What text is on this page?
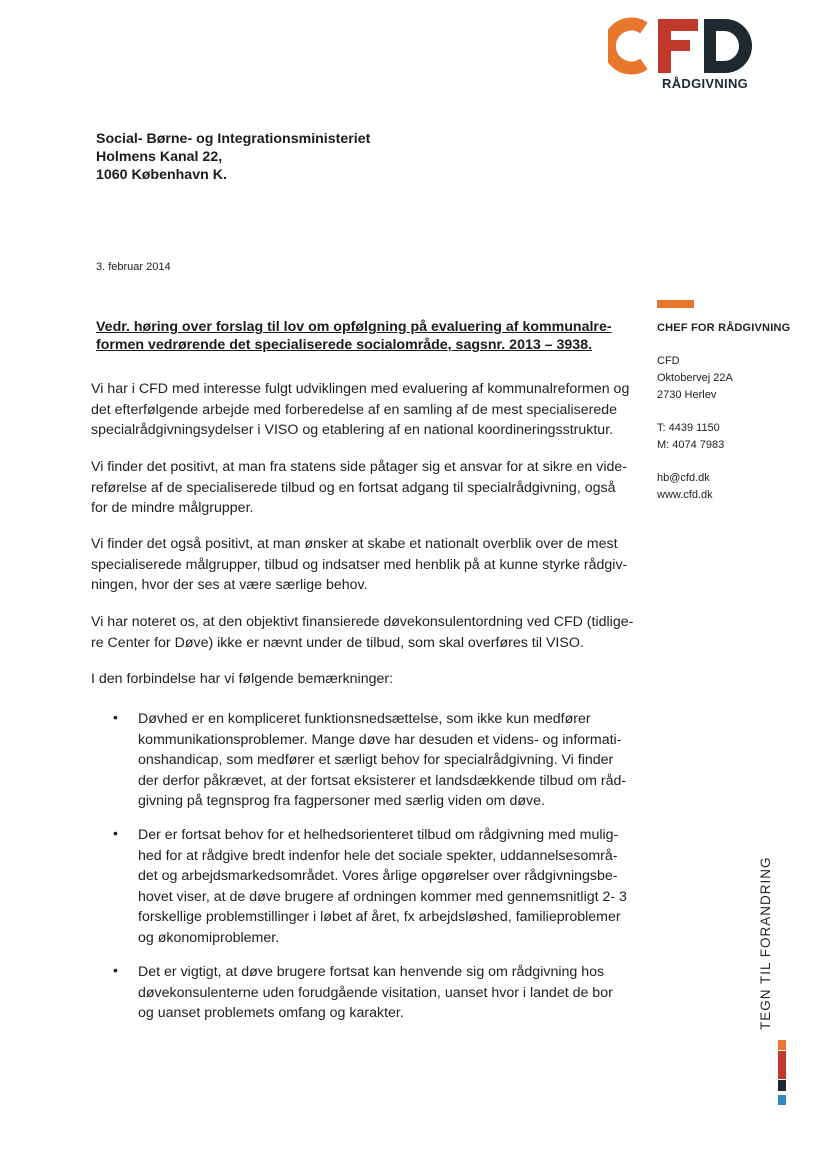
RÅDGIVNING
Social- Børne- og Integrationsministeriet
Holmens Kanal 22,
1060 København K.
3. februar 2014
CHEF FOR RÅDGIVNING
CFD
Oktobervej 22A
2730 Herlev
T: 4439 1150
M: 4074 7983
hb@cfd.dk
www.cfd.dk
Vedr. høring over forslag til lov om opfølgning på evaluering af kommunalre-
formen vedrørende det specialiserede socialområde, sagsnr. 2013 – 3938.
Vi har i CFD med interesse fulgt udviklingen med evaluering af kommunalreformen og
det efterfølgende arbejde med forberedelse af en samling af de mest specialiserede
specialrådgivningsydelser i VISO og etablering af en national koordineringsstruktur.
Vi finder det positivt, at man fra statens side påtager sig et ansvar for at sikre en vide-
reførelse af de specialiserede tilbud og en fortsat adgang til specialrådgivning, også
for de mindre målgrupper.
Vi finder det også positivt, at man ønsker at skabe et nationalt overblik over de mest
specialiserede målgrupper, tilbud og indsatser med henblik på at kunne styrke rådgiv-
ningen, hvor der ses at være særlige behov.
Vi har noteret os, at den objektivt finansierede døvekonsulentordning ved CFD (tidlige-
re Center for Døve) ikke er nævnt under de tilbud, som skal overføres til VISO.
I den forbindelse har vi følgende bemærkninger:
• Døvhed er en kompliceret funktionsnedsættelse, som ikke kun medfører
kommunikationsproblemer. Mange døve har desuden et videns- og informati-
onshandicap, som medfører et særligt behov for specialrådgivning. Vi finder
der derfor påkrævet, at der fortsat eksisterer et landsdækkende tilbud om råd-
givning på tegnsprog fra fagpersoner med særlig viden om døve.
• Der er fortsat behov for et helhedsorienteret tilbud om rådgivning med mulig-
hed for at rådgive bredt indenfor hele det sociale spekter, uddannelsesområ-
det og arbejdsmarkedsområdet. Vores årlige opgørelser over rådgivningsbe-
hovet viser, at de døve brugere af ordningen kommer med gennemsnitligt 2- 3
forskellige problemstillinger i løbet af året, fx arbejdsløshed, familieproblemer
og økonomiproblemer.
• Det er vigtigt, at døve brugere fortsat kan henvende sig om rådgivning hos
døvekonsulenterne uden forudgående visitation, uanset hvor i landet de bor
og uanset problemets omfang og karakter.	TEGN TIL FORANDRING
